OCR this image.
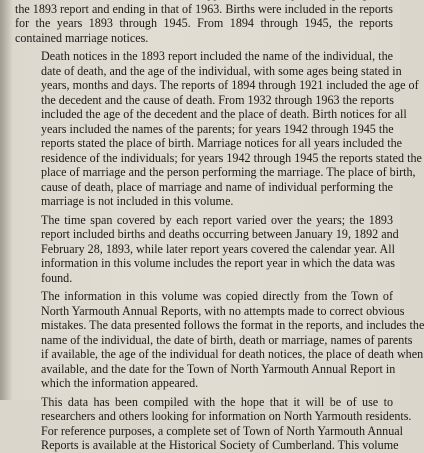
the 1893 report and ending in that of 1963. Births were included in the reports
for the years 1893 through 1945. From 1894 through 1945, the reports
contained marriage notices.

Death notices in the 1893 report included the name of the individual, the
date of death, and the age of the individual, with some ages being stated in
years, months and days. The reports of 1894 through 1921 included the age of
the decedent and the cause of death. From 1932 through 1963 the reports
included the age of the decedent and the place of death. Birth notices for all
years included the names of the parents; for years 1942 through 1945 the
reports stated the place of birth. Marriage notices for all years included the
residence of the individuals; for years 1942 through 1945 the reports stated the
place of marriage and the person performing the marriage. The place of birth,
cause of death, place of marriage and name of individual performing the
marriage is not included in this volume.

The time span covered by each report varied over the years; the 1893
report included births and deaths occurring between January 19, 1892 and
February 28, 1893, while later report years covered the calendar year. All
information in this volume includes the report year in which the data was
found.

The information in this volume was copied directly from the Town of
North Yarmouth Annual Reports, with no attempts made to correct obvious
mistakes. The data presented follows the format in the reports, and includes the
name of the individual, the date of birth, death or marriage, names of parents
if available, the age of the individual for death notices, the place of death when
available, and the date for the Town of North Yarmouth Annual Report in
which the information appeared.

This data has been compiled with the hope that it will be of use to
researchers and others looking for information on North Yarmouth residents.
For reference purposes, a complete set of Town of North Yarmouth Annual
Reports is available at the Historical Society of Cumberland. This volume
